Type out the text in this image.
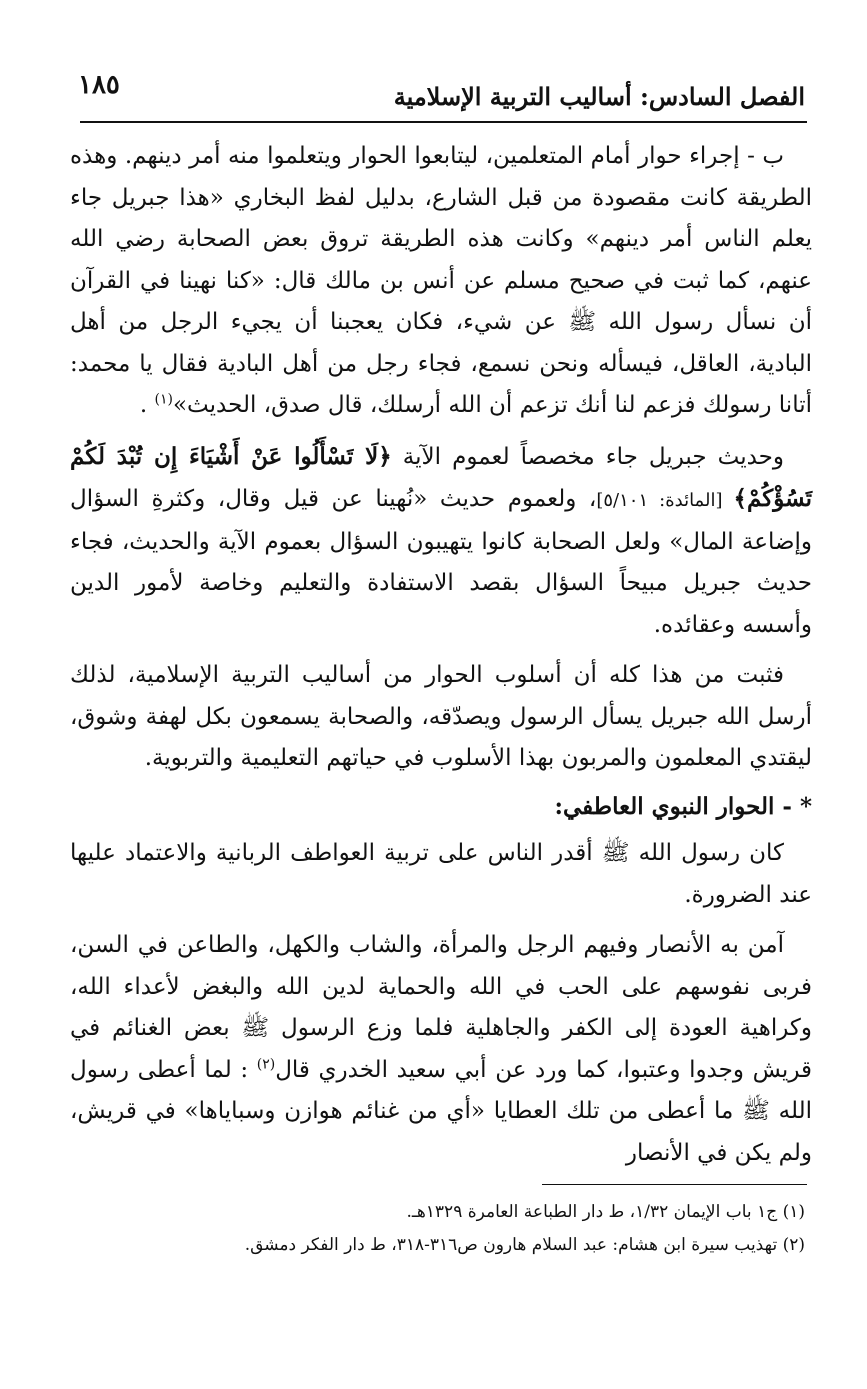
١٨٥	الفصل السادس: أساليب التربية الإسلامية

ب - إجراء حوار أمام المتعلمين، ليتابعوا الحوار ويتعلموا منه أمر دينهم. وهذه الطريقة كانت مقصودة من قبل الشارع، بدليل لفظ البخاري «هذا جبريل جاء يعلم الناس أمر دينهم» وكانت هذه الطريقة تروق بعض الصحابة رضي الله عنهم، كما ثبت في صحيح مسلم عن أنس بن مالك قال: «كنا نهينا في القرآن أن نسأل رسول الله ﷺ عن شيء، فكان يعجبنا أن يجيء الرجل من أهل البادية، العاقل، فيسأله ونحن نسمع، فجاء رجل من أهل البادية فقال يا محمد: أتانا رسولك فزعم لنا أنك تزعم أن الله أرسلك، قال صدق، الحديث»$^{(١)}$ .

وحديث جبريل جاء مخصصاً لعموم الآية ﴿لَا تَسْأَلُوا عَنْ أَشْيَاءَ إِن تُبْدَ لَكُمْ تَسُؤْكُمْ﴾ [المائدة: ٥/١٠١]، ولعموم حديث «نُهينا عن قيل وقال، وكثرةِ السؤال وإضاعة المال» ولعل الصحابة كانوا يتهيبون السؤال بعموم الآية والحديث، فجاء حديث جبريل مبيحاً السؤال بقصد الاستفادة والتعليم وخاصة لأمور الدين وأسسه وعقائده.

فثبت من هذا كله أن أسلوب الحوار من أساليب التربية الإسلامية، لذلك أرسل الله جبريل يسأل الرسول ويصدّقه، والصحابة يسمعون بكل لهفة وشوق، ليقتدي المعلمون والمربون بهذا الأسلوب في حياتهم التعليمية والتربوية.

* - الحوار النبوي العاطفي:

كان رسول الله ﷺ أقدر الناس على تربية العواطف الربانية والاعتماد عليها عند الضرورة.

آمن به الأنصار وفيهم الرجل والمرأة، والشاب والكهل، والطاعن في السن، فربى نفوسهم على الحب في الله والحماية لدين الله والبغض لأعداء الله، وكراهية العودة إلى الكفر والجاهلية فلما وزع الرسول ﷺ بعض الغنائم في قريش وجدوا وعتبوا، كما ورد عن أبي سعيد الخدري قال$^{(٢)}$ : لما أعطى رسول الله ﷺ ما أعطى من تلك العطايا «أي من غنائم هوازن وسباياها» في قريش، ولم يكن في الأنصار

(١) ج١ باب الإيمان ١/٣٢، ط دار الطباعة العامرة ١٣٢٩هـ.
(٢) تهذيب سيرة ابن هشام: عبد السلام هارون ص٣١٦-٣١٨، ط دار الفكر دمشق.
